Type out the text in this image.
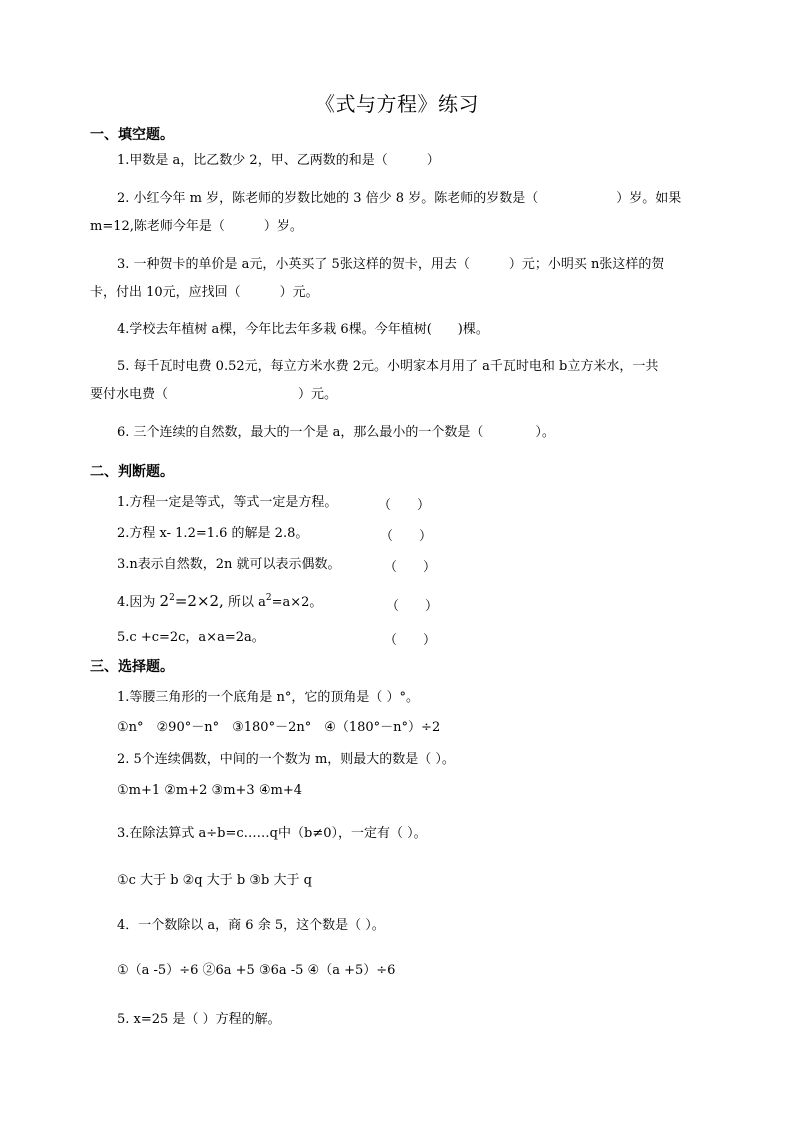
《式与方程》练习
一、填空题。
1.甲数是 a，比乙数少 2，甲、乙两数的和是（　　　）
2. 小红今年 m 岁，陈老师的岁数比她的 3 倍少 8 岁。陈老师的岁数是（　　　　　　）岁。如果
m=12,陈老师今年是（　　　）岁。
3. 一种贺卡的单价是 a元，小英买了 5张这样的贺卡，用去（　　　）元；小明买 n张这样的贺
卡，付出 10元，应找回（　　　）元。
4.学校去年植树 a棵，今年比去年多栽 6棵。今年植树(　　)棵。
5. 每千瓦时电费 0.52元，每立方米水费 2元。小明家本月用了 a千瓦时电和 b立方米水，一共
要付水电费（　　　　　　　　　　）元。
6. 三个连续的自然数，最大的一个是 a，那么最小的一个数是（　　　　）。
二、判断题。
1.方程一定是等式，等式一定是方程。	（　　）
2.方程 x- 1.2=1.6 的解是 2.8。	（　　）
3.n表示自然数，2n 就可以表示偶数。	（　　）
4.因为 $2^2=2\times 2$, 所以 $a^2=a\times 2$。	（　　）
5.c +c=2c，a×a=2a。	（　　）
三、选择题。
1.等腰三角形的一个底角是 n°，它的顶角是（ ）°。
①n°　②90°－n°　③180°－2n°　④（180°－n°）÷2
2. 5个连续偶数，中间的一个数为 m，则最大的数是（ ）。
①m+1 ②m+2 ③m+3 ④m+4
3.在除法算式 a÷b=c……q中（b≠0），一定有（ ）。
①c 大于 b ②q 大于 b ③b 大于 q
4．一个数除以 a，商 6 余 5，这个数是（ ）。
①（a -5）÷6 ②6a +5 ③6a -5 ④（a +5）÷6
5. x=25 是（ ）方程的解。
